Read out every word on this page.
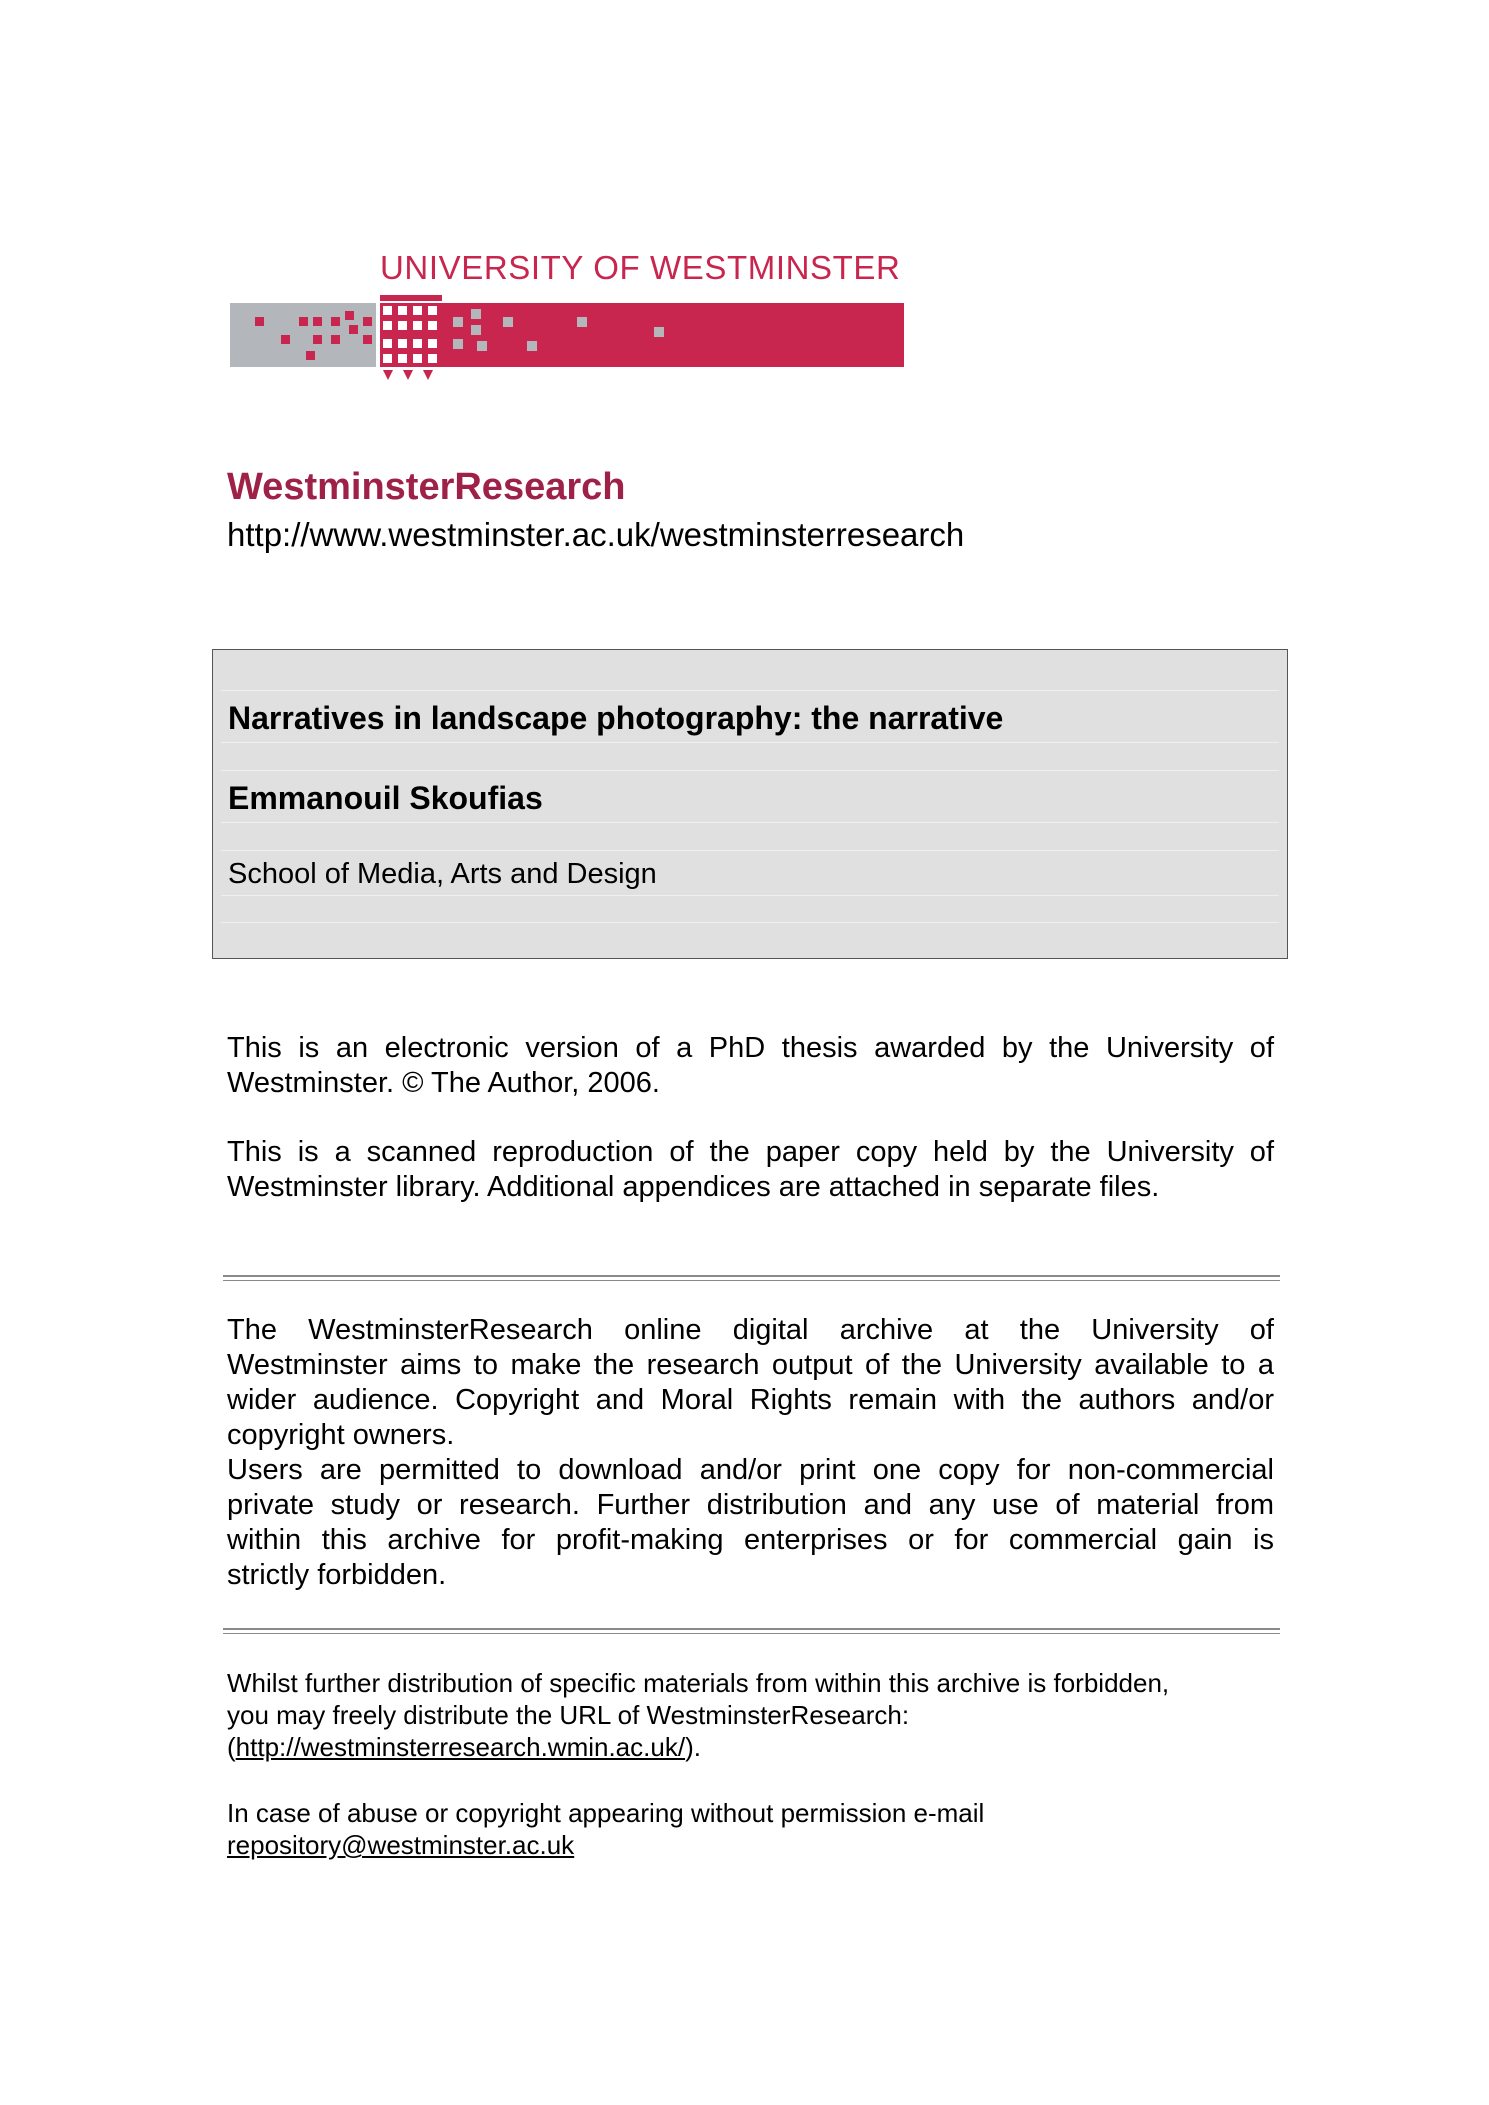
UNIVERSITY OF WESTMINSTER
WestminsterResearch
http://www.westminster.ac.uk/westminsterresearch
Narratives in landscape photography: the narrative
Emmanouil Skoufias
School of Media, Arts and Design
This is an electronic version of a PhD thesis awarded by the University of
Westminster. © The Author, 2006.
This is a scanned reproduction of the paper copy held by the University of
Westminster library. Additional appendices are attached in separate files.
The WestminsterResearch online digital archive at the University of
Westminster aims to make the research output of the University available to a
wider audience. Copyright and Moral Rights remain with the authors and/or
copyright owners.
Users are permitted to download and/or print one copy for non-commercial
private study or research. Further distribution and any use of material from
within this archive for profit-making enterprises or for commercial gain is
strictly forbidden.
Whilst further distribution of specific materials from within this archive is forbidden,
you may freely distribute the URL of WestminsterResearch:
(http://westminsterresearch.wmin.ac.uk/).
In case of abuse or copyright appearing without permission e-mail
repository@westminster.ac.uk
